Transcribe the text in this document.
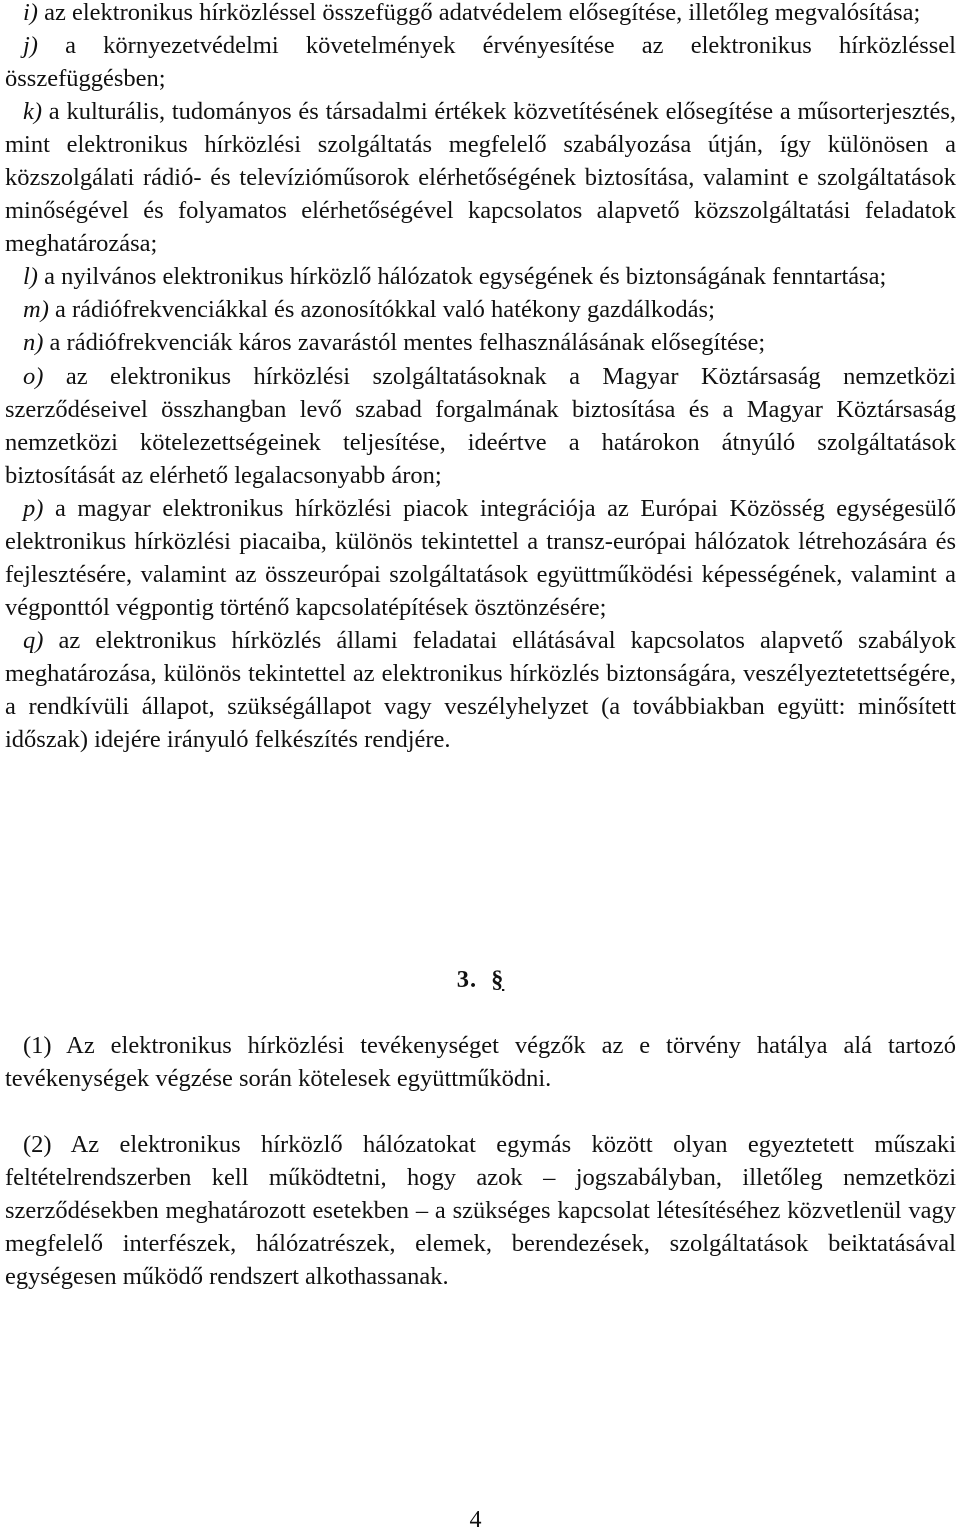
i) az elektronikus hírközléssel összefüggő adatvédelem elősegítése, illetőleg megvalósítása;

j) a környezetvédelmi követelmények érvényesítése az elektronikus hírközléssel összefüggésben;

k) a kulturális, tudományos és társadalmi értékek közvetítésének elősegítése a műsorterjesztés, mint elektronikus hírközlési szolgáltatás megfelelő szabályozása útján, így különösen a közszolgálati rádió- és televízióműsorok elérhetőségének biztosítása, valamint e szolgáltatások minőségével és folyamatos elérhetőségével kapcsolatos alapvető közszolgáltatási feladatok meghatározása;

l) a nyilvános elektronikus hírközlő hálózatok egységének és biztonságának fenntartása;

m) a rádiófrekvenciákkal és azonosítókkal való hatékony gazdálkodás;

n) a rádiófrekvenciák káros zavarástól mentes felhasználásának elősegítése;

o) az elektronikus hírközlési szolgáltatásoknak a Magyar Köztársaság nemzetközi szerződéseivel összhangban levő szabad forgalmának biztosítása és a Magyar Köztársaság nemzetközi kötelezettségeinek teljesítése, ideértve a határokon átnyúló szolgáltatások biztosítását az elérhető legalacsonyabb áron;

p) a magyar elektronikus hírközlési piacok integrációja az Európai Közösség egységesülő elektronikus hírközlési piacaiba, különös tekintettel a transz-európai hálózatok létrehozására és fejlesztésére, valamint az összeurópai szolgáltatások együttműködési képességének, valamint a végponttól végpontig történő kapcsolatépítések ösztönzésére;

q) az elektronikus hírközlés állami feladatai ellátásával kapcsolatos alapvető szabályok meghatározása, különös tekintettel az elektronikus hírközlés biztonságára, veszélyeztetettségére, a rendkívüli állapot, szükségállapot vagy veszélyhelyzet (a továbbiakban együtt: minősített időszak) idejére irányuló felkészítés rendjére.

3. §

(1) Az elektronikus hírközlési tevékenységet végzők az e törvény hatálya alá tartozó tevékenységek végzése során kötelesek együttműködni.

(2) Az elektronikus hírközlő hálózatokat egymás között olyan egyeztetett műszaki feltételrendszerben kell működtetni, hogy azok – jogszabályban, illetőleg nemzetközi szerződésekben meghatározott esetekben – a szükséges kapcsolat létesítéséhez közvetlenül vagy megfelelő interfészek, hálózatrészek, elemek, berendezések, szolgáltatások beiktatásával egységesen működő rendszert alkothassanak.

4
